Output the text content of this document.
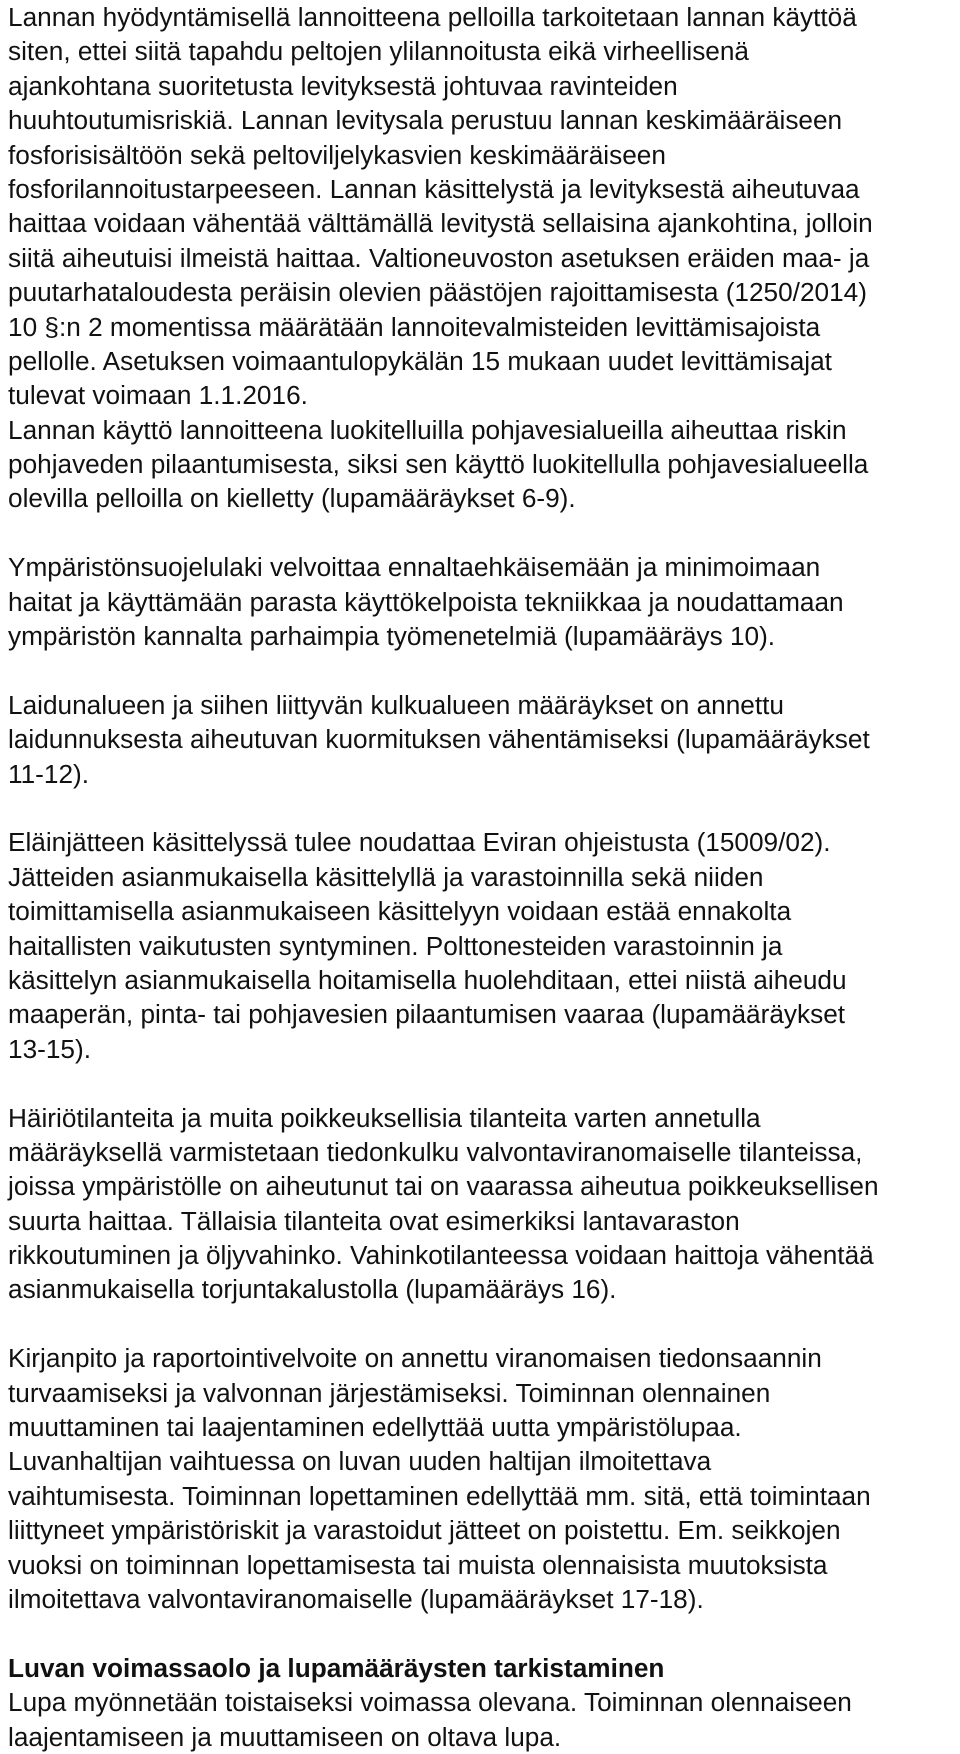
Lannan hyödyntämisellä lannoitteena pelloilla tarkoitetaan lannan käyttöä
siten, ettei siitä tapahdu peltojen ylilannoitusta eikä virheellisenä
ajankohtana suoritetusta levityksestä johtuvaa ravinteiden
huuhtoutumisriskiä. Lannan levitysala perustuu lannan keskimääräiseen
fosforisisältöön sekä peltoviljelykasvien keskimääräiseen
fosforilannoitustarpeeseen. Lannan käsittelystä ja levityksestä aiheutuvaa
haittaa voidaan vähentää välttämällä levitystä sellaisina ajankohtina, jolloin
siitä aiheutuisi ilmeistä haittaa. Valtioneuvoston asetuksen eräiden maa- ja
puutarhataloudesta peräisin olevien päästöjen rajoittamisesta (1250/2014)
10 §:n 2 momentissa määrätään lannoitevalmisteiden levittämisajoista
pellolle. Asetuksen voimaantulopykälän 15 mukaan uudet levittämisajat
tulevat voimaan 1.1.2016.
Lannan käyttö lannoitteena luokitelluilla pohjavesialueilla aiheuttaa riskin
pohjaveden pilaantumisesta, siksi sen käyttö luokitellulla pohjavesialueella
olevilla pelloilla on kielletty (lupamääräykset 6-9).

Ympäristönsuojelulaki velvoittaa ennaltaehkäisemään ja minimoimaan
haitat ja käyttämään parasta käyttökelpoista tekniikkaa ja noudattamaan
ympäristön kannalta parhaimpia työmenetelmiä (lupamääräys 10).

Laidunalueen ja siihen liittyvän kulkualueen määräykset on annettu
laidunnuksesta aiheutuvan kuormituksen vähentämiseksi (lupamääräykset
11-12).

Eläinjätteen käsittelyssä tulee noudattaa Eviran ohjeistusta (15009/02).
Jätteiden asianmukaisella käsittelyllä ja varastoinnilla sekä niiden
toimittamisella asianmukaiseen käsittelyyn voidaan estää ennakolta
haitallisten vaikutusten syntyminen. Polttonesteiden varastoinnin ja
käsittelyn asianmukaisella hoitamisella huolehditaan, ettei niistä aiheudu
maaperän, pinta- tai pohjavesien pilaantumisen vaaraa (lupamääräykset
13-15).

Häiriötilanteita ja muita poikkeuksellisia tilanteita varten annetulla
määräyksellä varmistetaan tiedonkulku valvontaviranomaiselle tilanteissa,
joissa ympäristölle on aiheutunut tai on vaarassa aiheutua poikkeuksellisen
suurta haittaa. Tällaisia tilanteita ovat esimerkiksi lantavaraston
rikkoutuminen ja öljyvahinko. Vahinkotilanteessa voidaan haittoja vähentää
asianmukaisella torjuntakalustolla (lupamääräys 16).

Kirjanpito ja raportointivelvoite on annettu viranomaisen tiedonsaannin
turvaamiseksi ja valvonnan järjestämiseksi. Toiminnan olennainen
muuttaminen tai laajentaminen edellyttää uutta ympäristölupaa.
Luvanhaltijan vaihtuessa on luvan uuden haltijan ilmoitettava
vaihtumisesta. Toiminnan lopettaminen edellyttää mm. sitä, että toimintaan
liittyneet ympäristöriskit ja varastoidut jätteet on poistettu. Em. seikkojen
vuoksi on toiminnan lopettamisesta tai muista olennaisista muutoksista
ilmoitettava valvontaviranomaiselle (lupamääräykset 17-18).

Luvan voimassaolo ja lupamääräysten tarkistaminen
Lupa myönnetään toistaiseksi voimassa olevana. Toiminnan olennaiseen
laajentamiseen ja muuttamiseen on oltava lupa.
